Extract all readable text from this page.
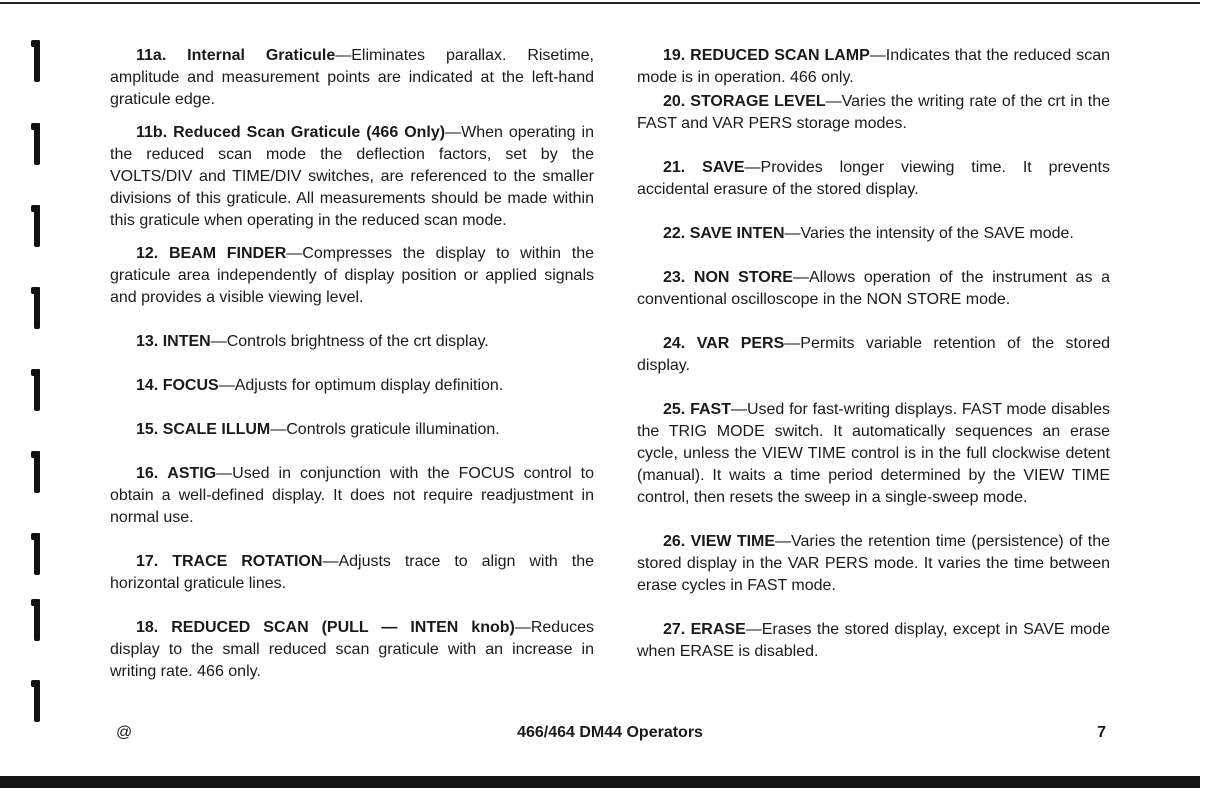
11a. Internal Graticule—Eliminates parallax. Risetime, amplitude and measurement points are indicated at the left-hand graticule edge.

11b. Reduced Scan Graticule (466 Only)—When operating in the reduced scan mode the deflection factors, set by the VOLTS/DIV and TIME/DIV switches, are referenced to the smaller divisions of this graticule. All measurements should be made within this graticule when operating in the reduced scan mode.

12. BEAM FINDER—Compresses the display to within the graticule area independently of display position or applied signals and provides a visible viewing level.

13. INTEN—Controls brightness of the crt display.

14. FOCUS—Adjusts for optimum display definition.

15. SCALE ILLUM—Controls graticule illumination.

16. ASTIG—Used in conjunction with the FOCUS control to obtain a well-defined display. It does not require readjustment in normal use.

17. TRACE ROTATION—Adjusts trace to align with the horizontal graticule lines.

18. REDUCED SCAN (PULL — INTEN knob)—Reduces display to the small reduced scan graticule with an increase in writing rate. 466 only.

19. REDUCED SCAN LAMP—Indicates that the reduced scan mode is in operation. 466 only.

20. STORAGE LEVEL—Varies the writing rate of the crt in the FAST and VAR PERS storage modes.

21. SAVE—Provides longer viewing time. It prevents accidental erasure of the stored display.

22. SAVE INTEN—Varies the intensity of the SAVE mode.

23. NON STORE—Allows operation of the instrument as a conventional oscilloscope in the NON STORE mode.

24. VAR PERS—Permits variable retention of the stored display.

25. FAST—Used for fast-writing displays. FAST mode disables the TRIG MODE switch. It automatically sequences an erase cycle, unless the VIEW TIME control is in the full clockwise detent (manual). It waits a time period determined by the VIEW TIME control, then resets the sweep in a single-sweep mode.

26. VIEW TIME—Varies the retention time (persistence) of the stored display in the VAR PERS mode. It varies the time between erase cycles in FAST mode.

27. ERASE—Erases the stored display, except in SAVE mode when ERASE is disabled.

@	466/464 DM44 Operators	7
